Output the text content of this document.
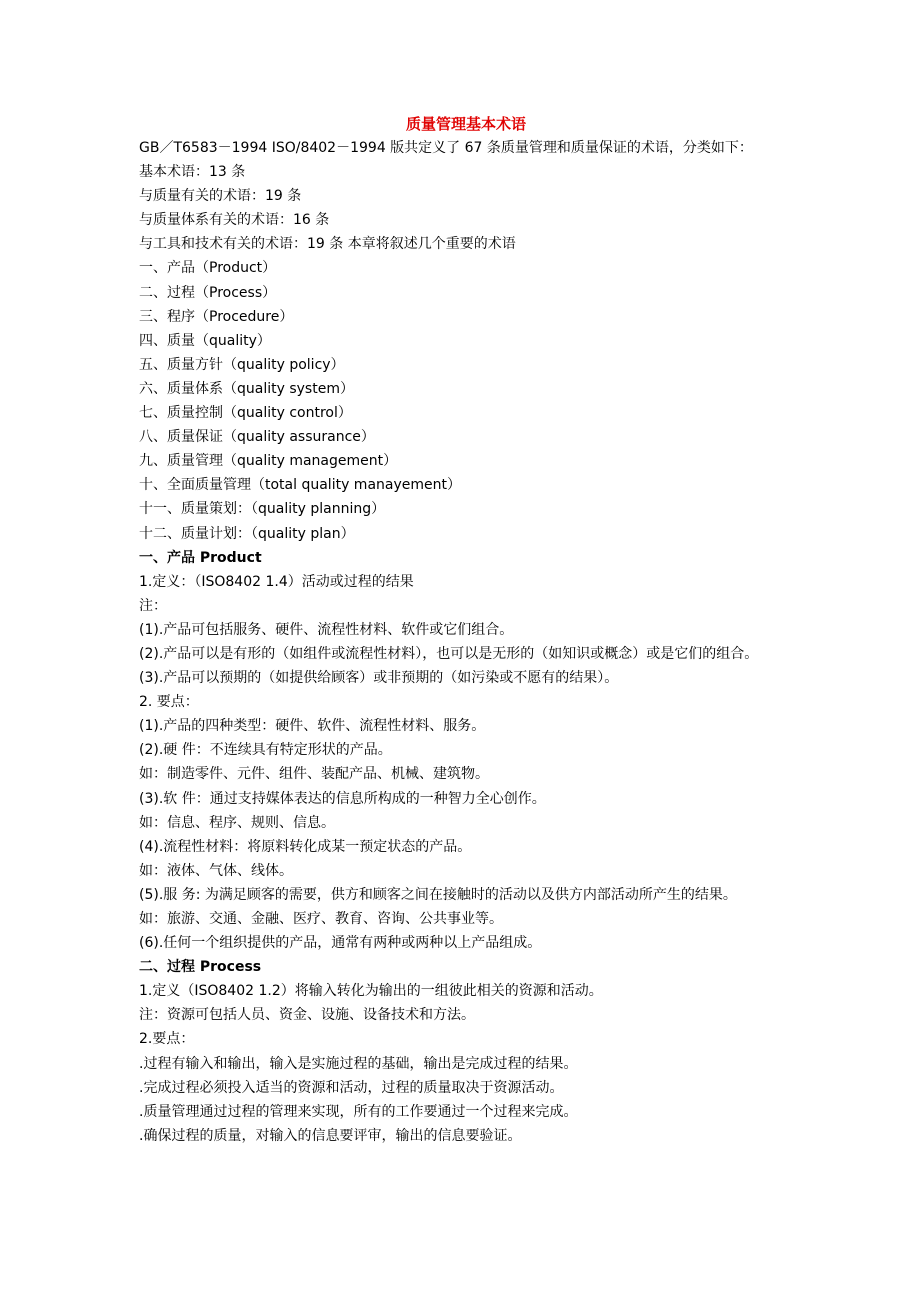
质量管理基本术语

GB／T6583－1994 ISO/8402－1994 版共定义了 67 条质量管理和质量保证的术语，分类如下：

基本术语：13 条

与质量有关的术语：19 条

与质量体系有关的术语：16 条

与工具和技术有关的术语：19 条 本章将叙述几个重要的术语

一、产品（Product）

二、过程（Process）

三、程序（Procedure）

四、质量（quality）

五、质量方针（quality policy）

六、质量体系（quality system）

七、质量控制（quality control）

八、质量保证（quality assurance）

九、质量管理（quality management）

十、全面质量管理（total quality manayement）

十一、质量策划：（quality planning）

十二、质量计划：（quality plan）

一、产品 Product

1.定义：（ISO8402 1.4）活动或过程的结果

注：

(1).产品可包括服务、硬件、流程性材料、软件或它们组合。

(2).产品可以是有形的（如组件或流程性材料），也可以是无形的（如知识或概念）或是它们的组合。

(3).产品可以预期的（如提供给顾客）或非预期的（如污染或不愿有的结果）。

2. 要点：

(1).产品的四种类型：硬件、软件、流程性材料、服务。

(2).硬 件：不连续具有特定形状的产品。

如：制造零件、元件、组件、装配产品、机械、建筑物。

(3).软 件：通过支持媒体表达的信息所构成的一种智力全心创作。

如：信息、程序、规则、信息。

(4).流程性材料：将原料转化成某一预定状态的产品。

如：液体、气体、线体。

(5).服 务: 为满足顾客的需要，供方和顾客之间在接触时的活动以及供方内部活动所产生的结果。

如：旅游、交通、金融、医疗、教育、咨询、公共事业等。

(6).任何一个组织提供的产品，通常有两种或两种以上产品组成。

二、过程 Process

1.定义（ISO8402 1.2）将输入转化为输出的一组彼此相关的资源和活动。

注：资源可包括人员、资金、设施、设备技术和方法。

2.要点：

.过程有输入和输出，输入是实施过程的基础，输出是完成过程的结果。

.完成过程必须投入适当的资源和活动，过程的质量取决于资源活动。

.质量管理通过过程的管理来实现，所有的工作要通过一个过程来完成。

.确保过程的质量，对输入的信息要评审，输出的信息要验证。
